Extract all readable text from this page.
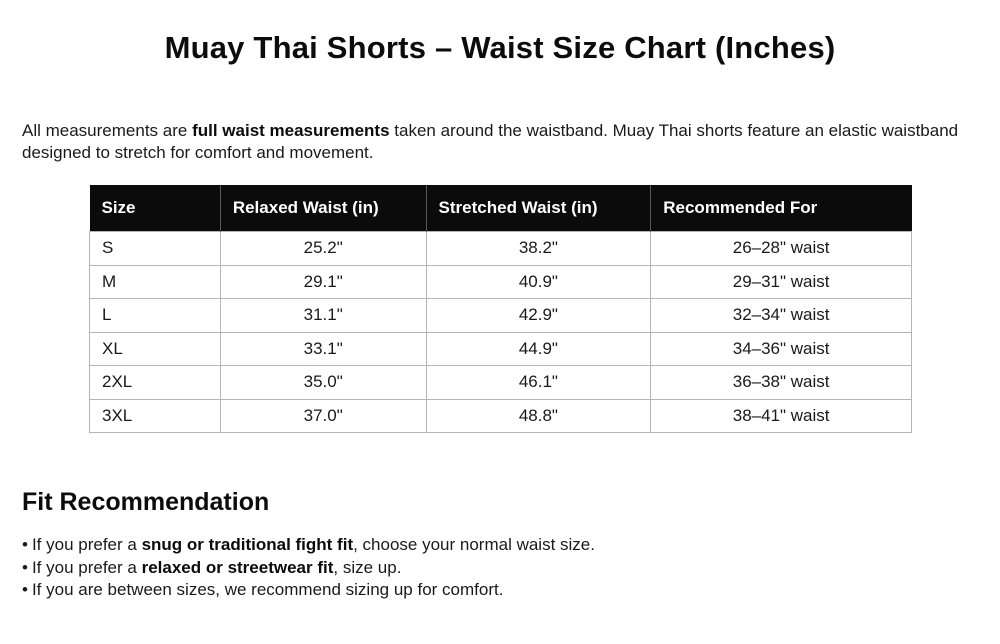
Muay Thai Shorts – Waist Size Chart (Inches)

All measurements are full waist measurements taken around the waistband. Muay Thai shorts feature an elastic waistband designed to stretch for comfort and movement.

Size	Relaxed Waist (in)	Stretched Waist (in)	Recommended For
S	25.2"	38.2"	26–28" waist
M	29.1"	40.9"	29–31" waist
L	31.1"	42.9"	32–34" waist
XL	33.1"	44.9"	34–36" waist
2XL	35.0"	46.1"	36–38" waist
3XL	37.0"	48.8"	38–41" waist
Fit Recommendation
• If you prefer a snug or traditional fight fit, choose your normal waist size.
• If you prefer a relaxed or streetwear fit, size up.
• If you are between sizes, we recommend sizing up for comfort.
